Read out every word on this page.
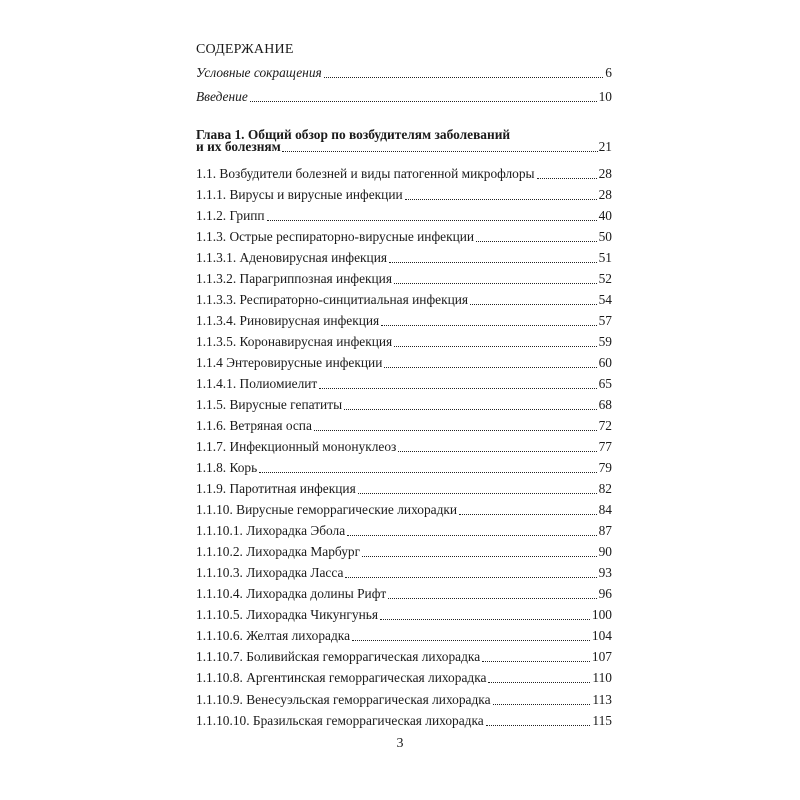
СОДЕРЖАНИЕ
Условные сокращения	6
Введение	10
Глава 1. Общий обзор по возбудителям заболеваний
и их болезням	21
1.1. Возбудители болезней и виды патогенной микрофлоры	28
1.1.1. Вирусы и вирусные инфекции	28
1.1.2. Грипп	40
1.1.3. Острые респираторно-вирусные инфекции	50
1.1.3.1. Аденовирусная инфекция	51
1.1.3.2. Парагриппозная инфекция	52
1.1.3.3. Респираторно-синцитиальная инфекция	54
1.1.3.4. Риновирусная инфекция	57
1.1.3.5. Коронавирусная инфекция	59
1.1.4 Энтеровирусные инфекции	60
1.1.4.1. Полиомиелит	65
1.1.5. Вирусные гепатиты	68
1.1.6. Ветряная оспа	72
1.1.7. Инфекционный мононуклеоз	77
1.1.8. Корь	79
1.1.9. Паротитная инфекция	82
1.1.10. Вирусные геморрагические лихорадки	84
1.1.10.1. Лихорадка Эбола	87
1.1.10.2. Лихорадка Марбург	90
1.1.10.3. Лихорадка Ласса	93
1.1.10.4. Лихорадка долины Рифт	96
1.1.10.5. Лихорадка Чикунгунья	100
1.1.10.6. Желтая лихорадка	104
1.1.10.7. Боливийская геморрагическая лихорадка	107
1.1.10.8. Аргентинская геморрагическая лихорадка	110
1.1.10.9. Венесуэльская геморрагическая лихорадка	113
1.1.10.10. Бразильская геморрагическая лихорадка	115
3
